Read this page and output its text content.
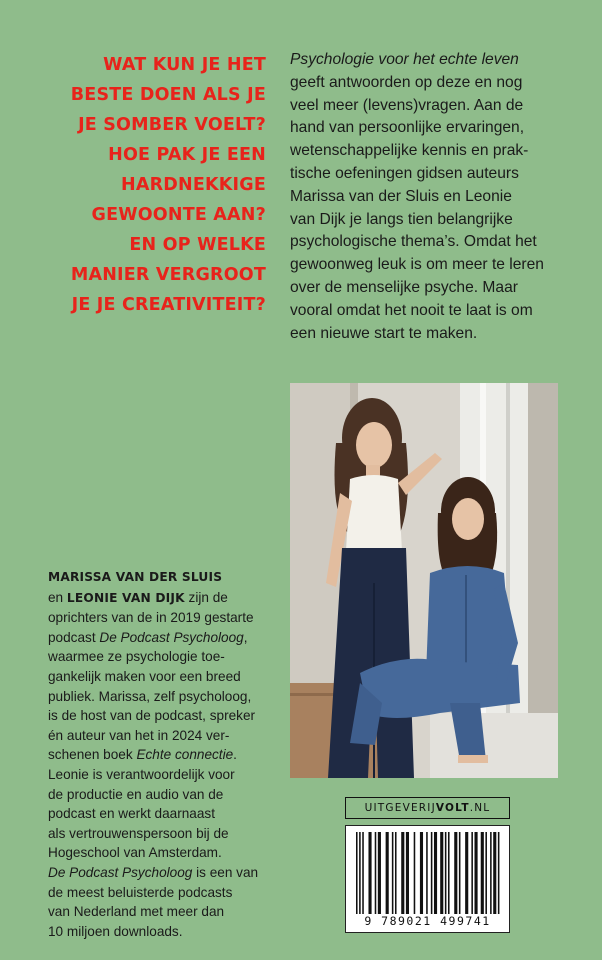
WAT KUN JE HET
BESTE DOEN ALS JE
JE SOMBER VOELT?
HOE PAK JE EEN
HARDNEKKIGE
GEWOONTE AAN?
EN OP WELKE
MANIER VERGROOT
JE JE CREATIVITEIT?
Psychologie voor het echte leven
geeft antwoorden op deze en nog
veel meer (levens)vragen. Aan de
hand van persoonlijke ervaringen,
wetenschappelijke kennis en prak-
tische oefeningen gidsen auteurs
Marissa van der Sluis en Leonie
van Dijk je langs tien belangrijke
psychologische thema’s. Omdat het
gewoonweg leuk is om meer te leren
over de menselijke psyche. Maar
vooral omdat het nooit te laat is om
een nieuwe start te maken.
MARISSA VAN DER SLUIS
en LEONIE VAN DIJK zijn de
oprichters van de in 2019 gestarte
podcast De Podcast Psycholoog,
waarmee ze psychologie toe-
gankelijk maken voor een breed
publiek. Marissa, zelf psycholoog,
is de host van de podcast, spreker
én auteur van het in 2024 ver-
schenen boek Echte connectie.
Leonie is verantwoordelijk voor
de productie en audio van de
podcast en werkt daarnaast
als vertrouwenspersoon bij de
Hogeschool van Amsterdam.
De Podcast Psycholoog is een van
de meest beluisterde podcasts
van Nederland met meer dan
10 miljoen downloads.
UITGEVERIJ VOLT .NL
9 789021 499741
